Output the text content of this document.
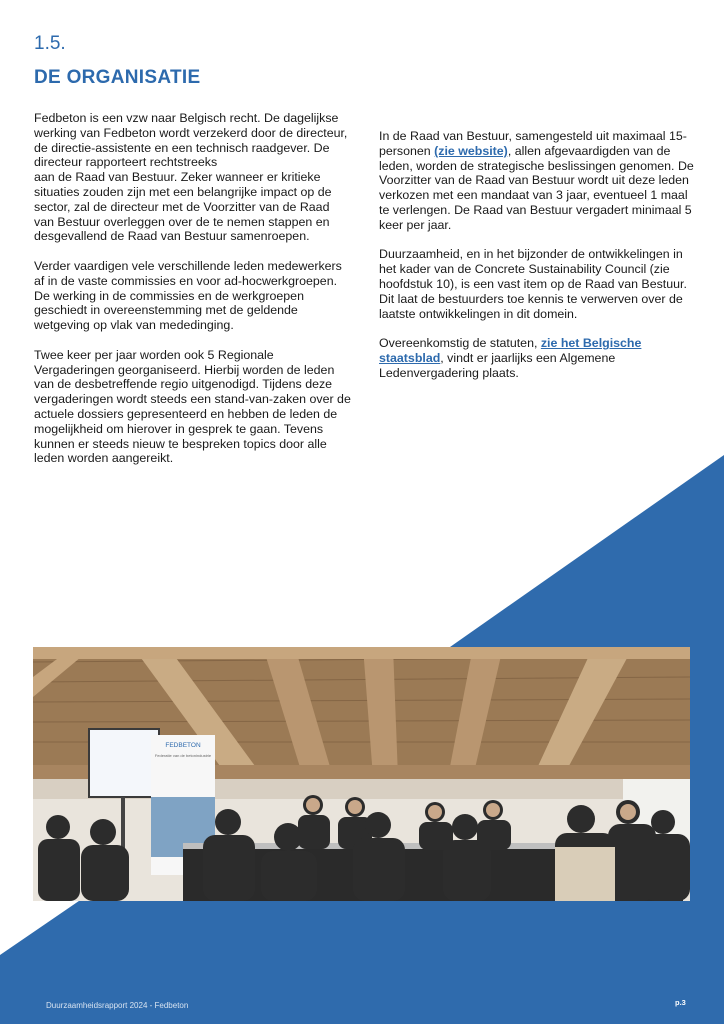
1.5.
DE ORGANISATIE

Fedbeton is een vzw naar Belgisch recht. De dagelijkse werking van Fedbeton wordt verzekerd door de directeur, de directie-assistente en een technisch raadgever. De directeur rapporteert rechtstreeks
aan de Raad van Bestuur. Zeker wanneer er kritieke situaties zouden zijn met een belangrijke impact op de sector, zal de directeur met de Voorzitter van de Raad van Bestuur overleggen over de te nemen stappen en desgevallend de Raad van Bestuur samenroepen.

Verder vaardigen vele verschillende leden medewerkers af in de vaste commissies en voor ad-hocwerkgroepen. De werking in de commissies en de werkgroepen geschiedt in overeenstemming met de geldende wetgeving op vlak van mededinging.

Twee keer per jaar worden ook 5 Regionale Vergaderingen georganiseerd. Hierbij worden de leden van de desbetreffende regio uitgenodigd. Tijdens deze vergaderingen wordt steeds een stand-van-zaken over de actuele dossiers gepresenteerd en hebben de leden de mogelijkheid om hierover in gesprek te gaan. Tevens kunnen er steeds nieuw te bespreken topics door alle leden worden aangereikt.

In de Raad van Bestuur, samengesteld uit maximaal 15-personen (zie website), allen afgevaardigden van de leden, worden de strategische beslissingen genomen. De Voorzitter van de Raad van Bestuur wordt uit deze leden verkozen met een mandaat van 3 jaar, eventueel 1 maal te verlengen. De Raad van Bestuur vergadert minimaal 5 keer per jaar.

Duurzaamheid, en in het bijzonder de ontwikkelingen in het kader van de Concrete Sustainability Council (zie hoofdstuk 10), is een vast item op de Raad van Bestuur. Dit laat de bestuurders toe kennis te verwerven over de laatste ontwikkelingen in dit domein.

Overeenkomstig de statuten, zie het Belgische staatsblad, vindt er jaarlijks een Algemene Ledenvergadering plaats.

FEDBETON
Federatie van de betonindustrie
Duurzaamheidsrapport 2024 - Fedbeton	p.3
